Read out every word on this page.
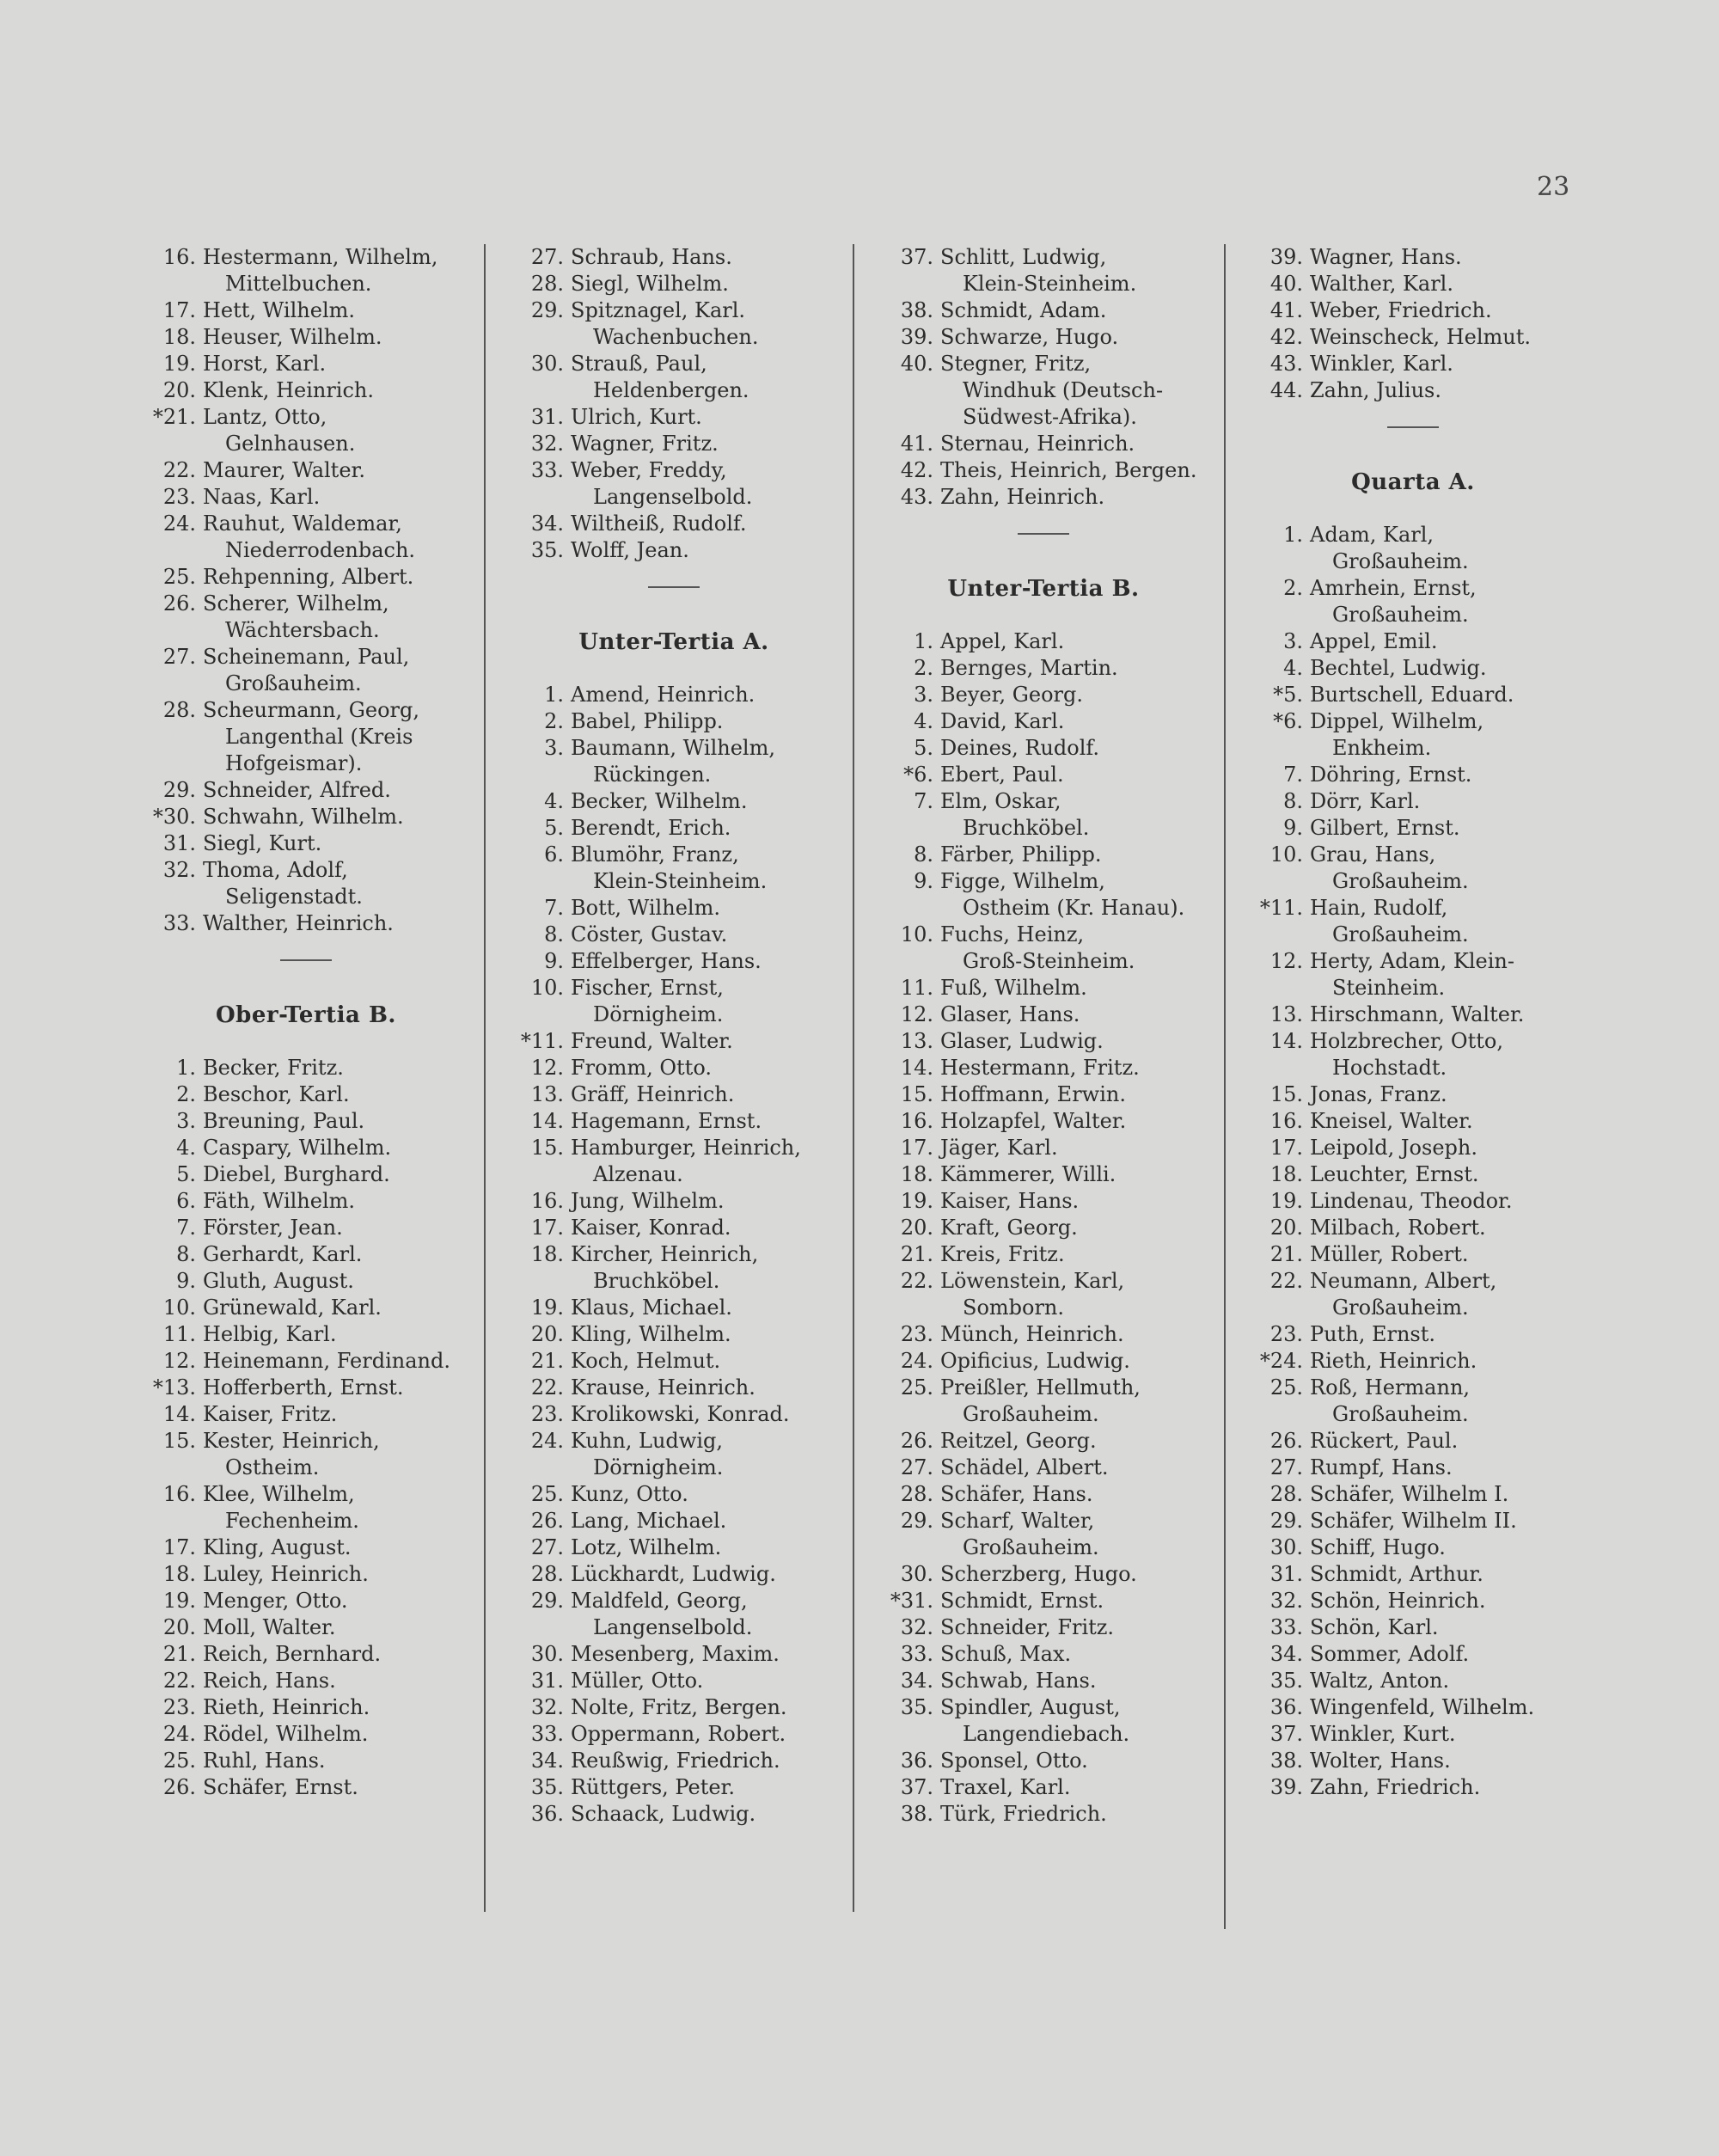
23
16. Hestermann, Wilhelm,
Mittelbuchen.
17. Hett, Wilhelm.
18. Heuser, Wilhelm.
19. Horst, Karl.
20. Klenk, Heinrich.
*21. Lantz, Otto,
Gelnhausen.
22. Maurer, Walter.
23. Naas, Karl.
24. Rauhut, Waldemar,
Niederrodenbach.
25. Rehpenning, Albert.
26. Scherer, Wilhelm,
Wächtersbach.
27. Scheinemann, Paul,
Großauheim.
28. Scheurmann, Georg,
Langenthal (Kreis
Hofgeismar).
29. Schneider, Alfred.
*30. Schwahn, Wilhelm.
31. Siegl, Kurt.
32. Thoma, Adolf,
Seligenstadt.
33. Walther, Heinrich.
Ober-Tertia B.
1. Becker, Fritz.
2. Beschor, Karl.
3. Breuning, Paul.
4. Caspary, Wilhelm.
5. Diebel, Burghard.
6. Fäth, Wilhelm.
7. Förster, Jean.
8. Gerhardt, Karl.
9. Gluth, August.
10. Grünewald, Karl.
11. Helbig, Karl.
12. Heinemann, Ferdinand.
*13. Hofferberth, Ernst.
14. Kaiser, Fritz.
15. Kester, Heinrich,
Ostheim.
16. Klee, Wilhelm,
Fechenheim.
17. Kling, August.
18. Luley, Heinrich.
19. Menger, Otto.
20. Moll, Walter.
21. Reich, Bernhard.
22. Reich, Hans.
23. Rieth, Heinrich.
24. Rödel, Wilhelm.
25. Ruhl, Hans.
26. Schäfer, Ernst.
27. Schraub, Hans.
28. Siegl, Wilhelm.
29. Spitznagel, Karl.
Wachenbuchen.
30. Strauß, Paul,
Heldenbergen.
31. Ulrich, Kurt.
32. Wagner, Fritz.
33. Weber, Freddy,
Langenselbold.
34. Wiltheiß, Rudolf.
35. Wolff, Jean.
Unter-Tertia A.
1. Amend, Heinrich.
2. Babel, Philipp.
3. Baumann, Wilhelm,
Rückingen.
4. Becker, Wilhelm.
5. Berendt, Erich.
6. Blumöhr, Franz,
Klein-Steinheim.
7. Bott, Wilhelm.
8. Cöster, Gustav.
9. Effelberger, Hans.
10. Fischer, Ernst,
Dörnigheim.
*11. Freund, Walter.
12. Fromm, Otto.
13. Gräff, Heinrich.
14. Hagemann, Ernst.
15. Hamburger, Heinrich,
Alzenau.
16. Jung, Wilhelm.
17. Kaiser, Konrad.
18. Kircher, Heinrich,
Bruchköbel.
19. Klaus, Michael.
20. Kling, Wilhelm.
21. Koch, Helmut.
22. Krause, Heinrich.
23. Krolikowski, Konrad.
24. Kuhn, Ludwig,
Dörnigheim.
25. Kunz, Otto.
26. Lang, Michael.
27. Lotz, Wilhelm.
28. Lückhardt, Ludwig.
29. Maldfeld, Georg,
Langenselbold.
30. Mesenberg, Maxim.
31. Müller, Otto.
32. Nolte, Fritz, Bergen.
33. Oppermann, Robert.
34. Reußwig, Friedrich.
35. Rüttgers, Peter.
36. Schaack, Ludwig.
37. Schlitt, Ludwig,
Klein-Steinheim.
38. Schmidt, Adam.
39. Schwarze, Hugo.
40. Stegner, Fritz,
Windhuk (Deutsch-
Südwest-Afrika).
41. Sternau, Heinrich.
42. Theis, Heinrich, Bergen.
43. Zahn, Heinrich.
Unter-Tertia B.
1. Appel, Karl.
2. Bernges, Martin.
3. Beyer, Georg.
4. David, Karl.
5. Deines, Rudolf.
*6. Ebert, Paul.
7. Elm, Oskar,
Bruchköbel.
8. Färber, Philipp.
9. Figge, Wilhelm,
Ostheim (Kr. Hanau).
10. Fuchs, Heinz,
Groß-Steinheim.
11. Fuß, Wilhelm.
12. Glaser, Hans.
13. Glaser, Ludwig.
14. Hestermann, Fritz.
15. Hoffmann, Erwin.
16. Holzapfel, Walter.
17. Jäger, Karl.
18. Kämmerer, Willi.
19. Kaiser, Hans.
20. Kraft, Georg.
21. Kreis, Fritz.
22. Löwenstein, Karl,
Somborn.
23. Münch, Heinrich.
24. Opificius, Ludwig.
25. Preißler, Hellmuth,
Großauheim.
26. Reitzel, Georg.
27. Schädel, Albert.
28. Schäfer, Hans.
29. Scharf, Walter,
Großauheim.
30. Scherzberg, Hugo.
*31. Schmidt, Ernst.
32. Schneider, Fritz.
33. Schuß, Max.
34. Schwab, Hans.
35. Spindler, August,
Langendiebach.
36. Sponsel, Otto.
37. Traxel, Karl.
38. Türk, Friedrich.
39. Wagner, Hans.
40. Walther, Karl.
41. Weber, Friedrich.
42. Weinscheck, Helmut.
43. Winkler, Karl.
44. Zahn, Julius.
Quarta A.
1. Adam, Karl,
Großauheim.
2. Amrhein, Ernst,
Großauheim.
3. Appel, Emil.
4. Bechtel, Ludwig.
*5. Burtschell, Eduard.
*6. Dippel, Wilhelm,
Enkheim.
7. Döhring, Ernst.
8. Dörr, Karl.
9. Gilbert, Ernst.
10. Grau, Hans,
Großauheim.
*11. Hain, Rudolf,
Großauheim.
12. Herty, Adam, Klein-
Steinheim.
13. Hirschmann, Walter.
14. Holzbrecher, Otto,
Hochstadt.
15. Jonas, Franz.
16. Kneisel, Walter.
17. Leipold, Joseph.
18. Leuchter, Ernst.
19. Lindenau, Theodor.
20. Milbach, Robert.
21. Müller, Robert.
22. Neumann, Albert,
Großauheim.
23. Puth, Ernst.
*24. Rieth, Heinrich.
25. Roß, Hermann,
Großauheim.
26. Rückert, Paul.
27. Rumpf, Hans.
28. Schäfer, Wilhelm I.
29. Schäfer, Wilhelm II.
30. Schiff, Hugo.
31. Schmidt, Arthur.
32. Schön, Heinrich.
33. Schön, Karl.
34. Sommer, Adolf.
35. Waltz, Anton.
36. Wingenfeld, Wilhelm.
37. Winkler, Kurt.
38. Wolter, Hans.
39. Zahn, Friedrich.
